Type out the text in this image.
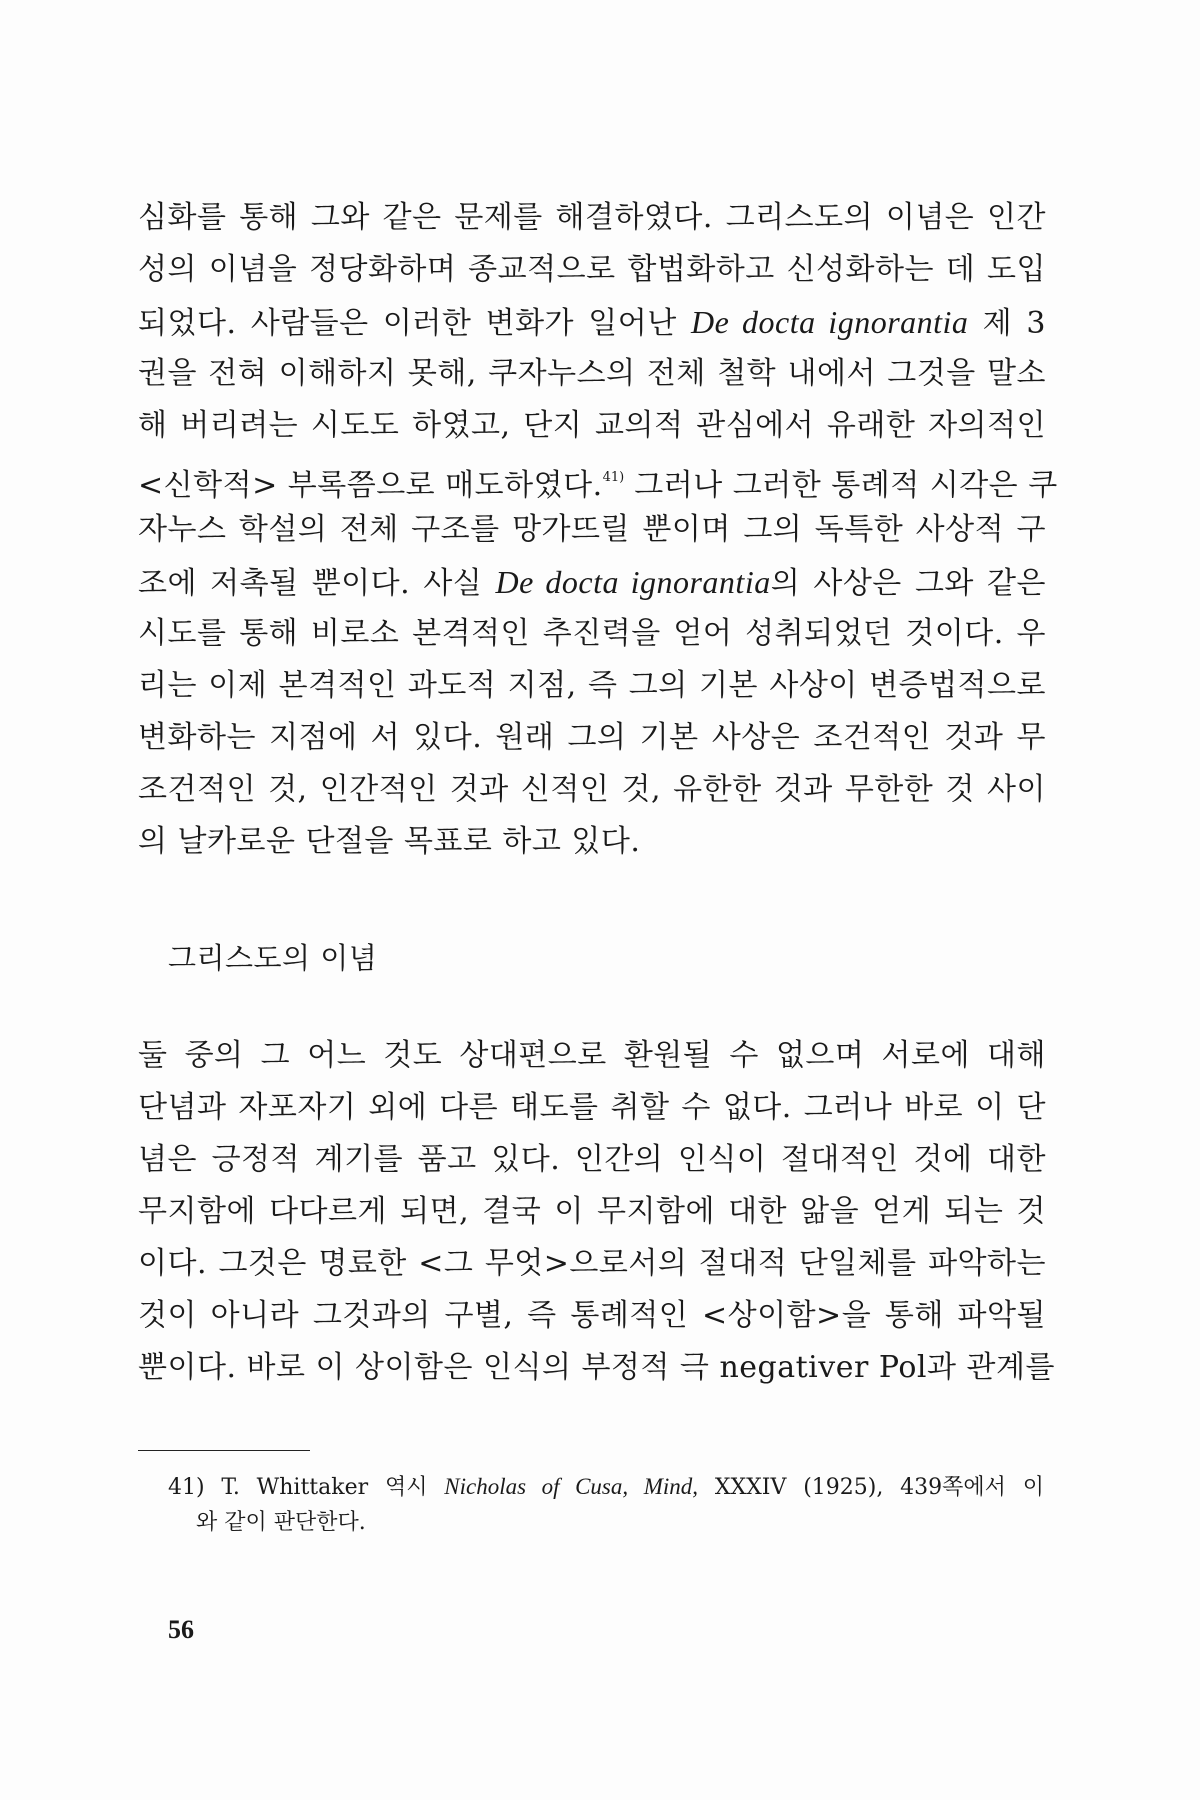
심화를 통해 그와 같은 문제를 해결하였다. 그리스도의 이념은 인간
성의 이념을 정당화하며 종교적으로 합법화하고 신성화하는 데 도입
되었다. 사람들은 이러한 변화가 일어난 De docta ignorantia 제 3
권을 전혀 이해하지 못해, 쿠자누스의 전체 철학 내에서 그것을 말소
해 버리려는 시도도 하였고, 단지 교의적 관심에서 유래한 자의적인
<신학적> 부록쯤으로 매도하였다.$^{41)}$ 그러나 그러한 통례적 시각은 쿠
자누스 학설의 전체 구조를 망가뜨릴 뿐이며 그의 독특한 사상적 구
조에 저촉될 뿐이다. 사실 De docta ignorantia의 사상은 그와 같은
시도를 통해 비로소 본격적인 추진력을 얻어 성취되었던 것이다. 우
리는 이제 본격적인 과도적 지점, 즉 그의 기본 사상이 변증법적으로
변화하는 지점에 서 있다. 원래 그의 기본 사상은 조건적인 것과 무
조건적인 것, 인간적인 것과 신적인 것, 유한한 것과 무한한 것 사이
의 날카로운 단절을 목표로 하고 있다.
그리스도의 이념
둘 중의 그 어느 것도 상대편으로 환원될 수 없으며 서로에 대해
단념과 자포자기 외에 다른 태도를 취할 수 없다. 그러나 바로 이 단
념은 긍정적 계기를 품고 있다. 인간의 인식이 절대적인 것에 대한
무지함에 다다르게 되면, 결국 이 무지함에 대한 앎을 얻게 되는 것
이다. 그것은 명료한 <그 무엇>으로서의 절대적 단일체를 파악하는
것이 아니라 그것과의 구별, 즉 통례적인 <상이함>을 통해 파악될
뿐이다. 바로 이 상이함은 인식의 부정적 극 negativer Pol과 관계를
41) T. Whittaker 역시 Nicholas of Cusa, Mind, XXXIV (1925), 439쪽에서 이
와 같이 판단한다.
56
